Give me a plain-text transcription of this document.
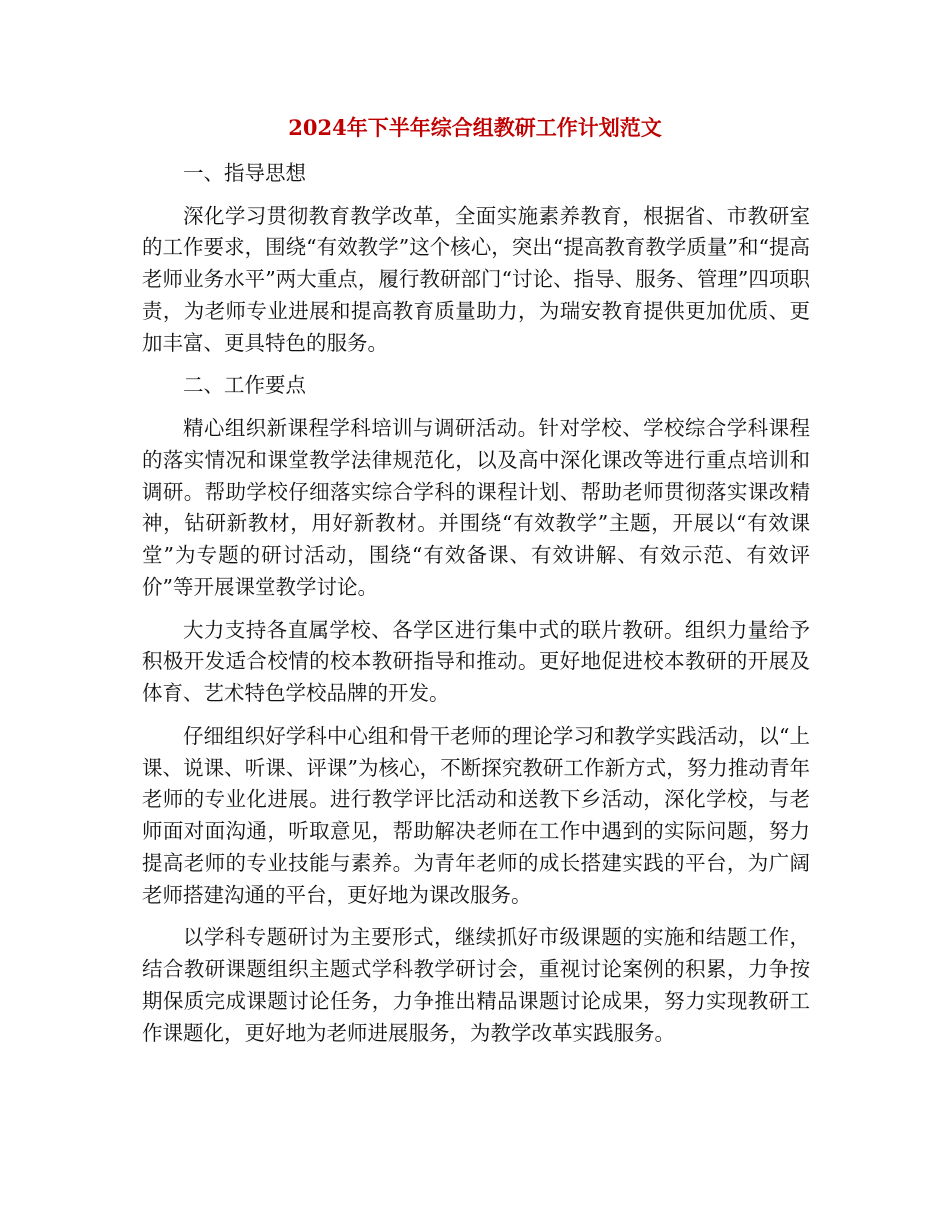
2024年下半年综合组教研工作计划范文

一、指导思想

深化学习贯彻教育教学改革，全面实施素养教育，根据省、市教研室的工作要求，围绕“有效教学”这个核心，突出“提高教育教学质量”和“提高老师业务水平”两大重点，履行教研部门“讨论、指导、服务、管理”四项职责，为老师专业进展和提高教育质量助力，为瑞安教育提供更加优质、更加丰富、更具特色的服务。

二、工作要点

精心组织新课程学科培训与调研活动。针对学校、学校综合学科课程的落实情况和课堂教学法律规范化，以及高中深化课改等进行重点培训和调研。帮助学校仔细落实综合学科的课程计划、帮助老师贯彻落实课改精神，钻研新教材，用好新教材。并围绕“有效教学”主题，开展以“有效课堂”为专题的研讨活动，围绕“有效备课、有效讲解、有效示范、有效评价”等开展课堂教学讨论。

大力支持各直属学校、各学区进行集中式的联片教研。组织力量给予积极开发适合校情的校本教研指导和推动。更好地促进校本教研的开展及体育、艺术特色学校品牌的开发。

仔细组织好学科中心组和骨干老师的理论学习和教学实践活动，以“上课、说课、听课、评课”为核心，不断探究教研工作新方式，努力推动青年老师的专业化进展。进行教学评比活动和送教下乡活动，深化学校，与老师面对面沟通，听取意见，帮助解决老师在工作中遇到的实际问题，努力提高老师的专业技能与素养。为青年老师的成长搭建实践的平台，为广阔老师搭建沟通的平台，更好地为课改服务。

以学科专题研讨为主要形式，继续抓好市级课题的实施和结题工作，结合教研课题组织主题式学科教学研讨会，重视讨论案例的积累，力争按期保质完成课题讨论任务，力争推出精品课题讨论成果，努力实现教研工作课题化，更好地为老师进展服务，为教学改革实践服务。
